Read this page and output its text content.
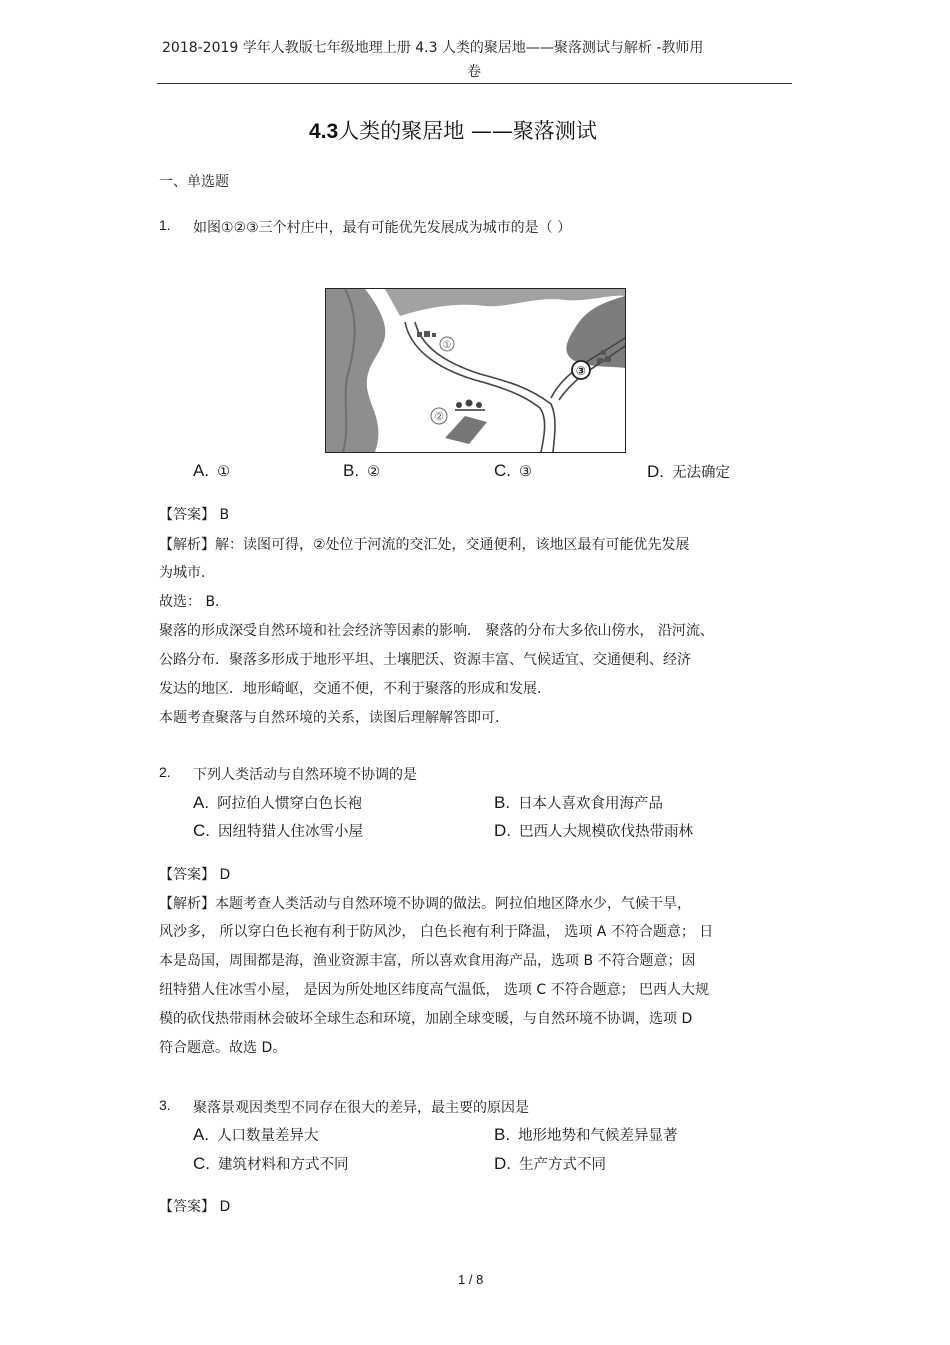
2018-2019 学年人教版七年级地理上册 4.3 人类的聚居地——聚落测试与解析 -教师用
卷
4.3人类的聚居地 ——聚落测试
一、单选题
1. 如图①②③三个村庄中，最有可能优先发展成为城市的是（ ）
①
②
③
A. ①	B. ②	C. ③	D. 无法确定
【答案】 B
【解析】解：读图可得，②处位于河流的交汇处，交通便利，该地区最有可能优先发展
为城市．
故选： B．
聚落的形成深受自然环境和社会经济等因素的影响． 聚落的分布大多依山傍水， 沿河流、
公路分布．聚落多形成于地形平坦、土壤肥沃、资源丰富、气候适宜、交通便利、经济
发达的地区．地形崎岖，交通不便，不利于聚落的形成和发展．
本题考查聚落与自然环境的关系，读图后理解解答即可．
2. 下列人类活动与自然环境不协调的是
A. 阿拉伯人惯穿白色长袍	B. 日本人喜欢食用海产品
C. 因纽特猎人住冰雪小屋	D. 巴西人大规模砍伐热带雨林
【答案】 D
【解析】本题考查人类活动与自然环境不协调的做法。阿拉伯地区降水少，气候干旱，
风沙多， 所以穿白色长袍有利于防风沙， 白色长袍有利于降温， 选项 A 不符合题意； 日
本是岛国，周围都是海，渔业资源丰富，所以喜欢食用海产品，选项 B 不符合题意；因
纽特猎人住冰雪小屋， 是因为所处地区纬度高气温低， 选项 C 不符合题意； 巴西人大规
模的砍伐热带雨林会破坏全球生态和环境，加剧全球变暖，与自然环境不协调，选项 D
符合题意。故选 D。
3. 聚落景观因类型不同存在很大的差异，最主要的原因是
A. 人口数量差异大	B. 地形地势和气候差异显著
C. 建筑材料和方式不同	D. 生产方式不同
【答案】 D
1 / 8
